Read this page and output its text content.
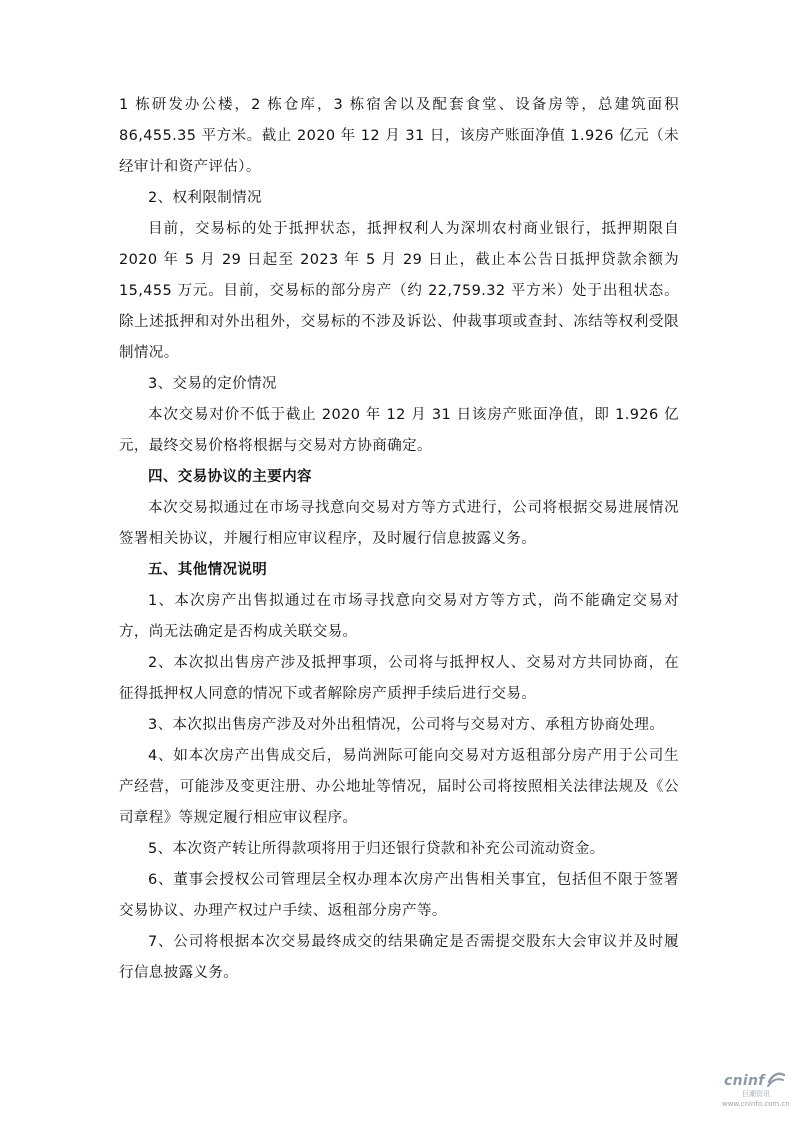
1 栋研发办公楼，2 栋仓库，3 栋宿舍以及配套食堂、设备房等，总建筑面积86,455.35 平方米。截止 2020 年 12 月 31 日，该房产账面净值 1.926 亿元（未经审计和资产评估）。

2、权利限制情况

目前，交易标的处于抵押状态，抵押权利人为深圳农村商业银行，抵押期限自 2020 年 5 月 29 日起至 2023 年 5 月 29 日止，截止本公告日抵押贷款余额为15,455 万元。目前，交易标的部分房产（约 22,759.32 平方米）处于出租状态。除上述抵押和对外出租外，交易标的不涉及诉讼、仲裁事项或查封、冻结等权利受限制情况。

3、交易的定价情况

本次交易对价不低于截止 2020 年 12 月 31 日该房产账面净值，即 1.926 亿元，最终交易价格将根据与交易对方协商确定。

四、交易协议的主要内容

本次交易拟通过在市场寻找意向交易对方等方式进行，公司将根据交易进展情况签署相关协议，并履行相应审议程序，及时履行信息披露义务。

五、其他情况说明

1、本次房产出售拟通过在市场寻找意向交易对方等方式，尚不能确定交易对方，尚无法确定是否构成关联交易。

2、本次拟出售房产涉及抵押事项，公司将与抵押权人、交易对方共同协商，在征得抵押权人同意的情况下或者解除房产质押手续后进行交易。

3、本次拟出售房产涉及对外出租情况，公司将与交易对方、承租方协商处理。

4、如本次房产出售成交后，易尚洲际可能向交易对方返租部分房产用于公司生产经营，可能涉及变更注册、办公地址等情况，届时公司将按照相关法律法规及《公司章程》等规定履行相应审议程序。

5、本次资产转让所得款项将用于归还银行贷款和补充公司流动资金。

6、董事会授权公司管理层全权办理本次房产出售相关事宜，包括但不限于签署交易协议、办理产权过户手续、返租部分房产等。

7、公司将根据本次交易最终成交的结果确定是否需提交股东大会审议并及时履行信息披露义务。

cninf
巨潮资讯
www.cninfo.com.cn
